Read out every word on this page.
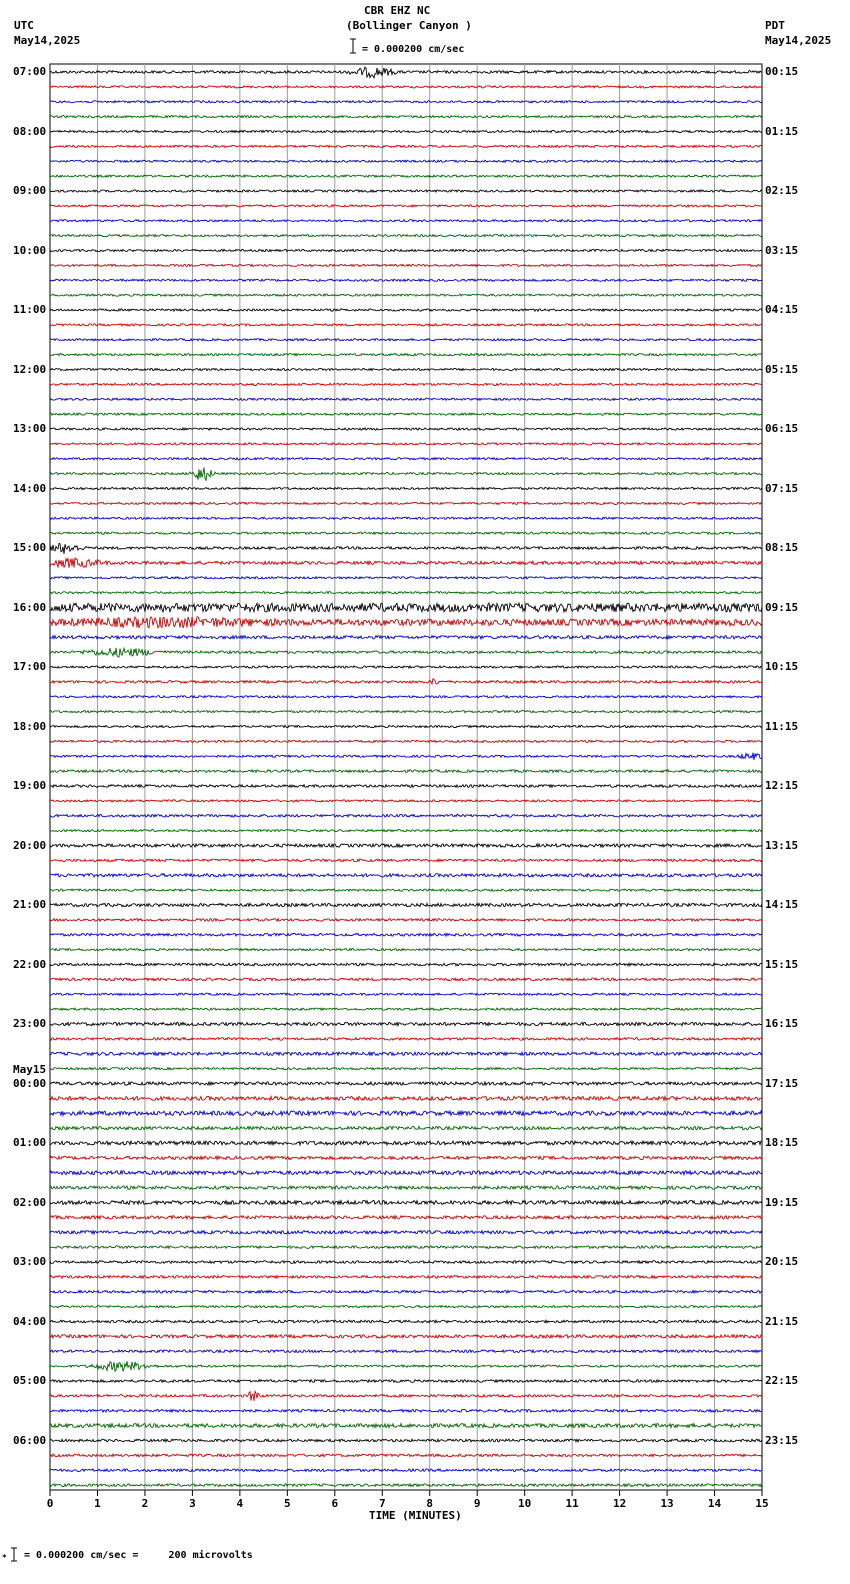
0	1	2	3	4	5	6	7	8	9	10	11	12	13	14	15
CBR EHZ NC
(Bollinger Canyon )
UTC
May14,2025
PDT
May14,2025
= 0.000200 cm/sec
TIME (MINUTES)
= 0.000200 cm/sec =     200 microvolts
*
07:00	00:15
08:00	01:15
09:00	02:15
10:00	03:15
11:00	04:15
12:00	05:15
13:00	06:15
14:00	07:15
15:00	08:15
16:00	09:15
17:00	10:15
18:00	11:15
19:00	12:15
20:00	13:15
21:00	14:15
22:00	15:15
23:00	16:15
00:00	17:15
01:00	18:15
02:00	19:15
03:00	20:15
04:00	21:15
05:00	22:15
06:00	23:15
May15
